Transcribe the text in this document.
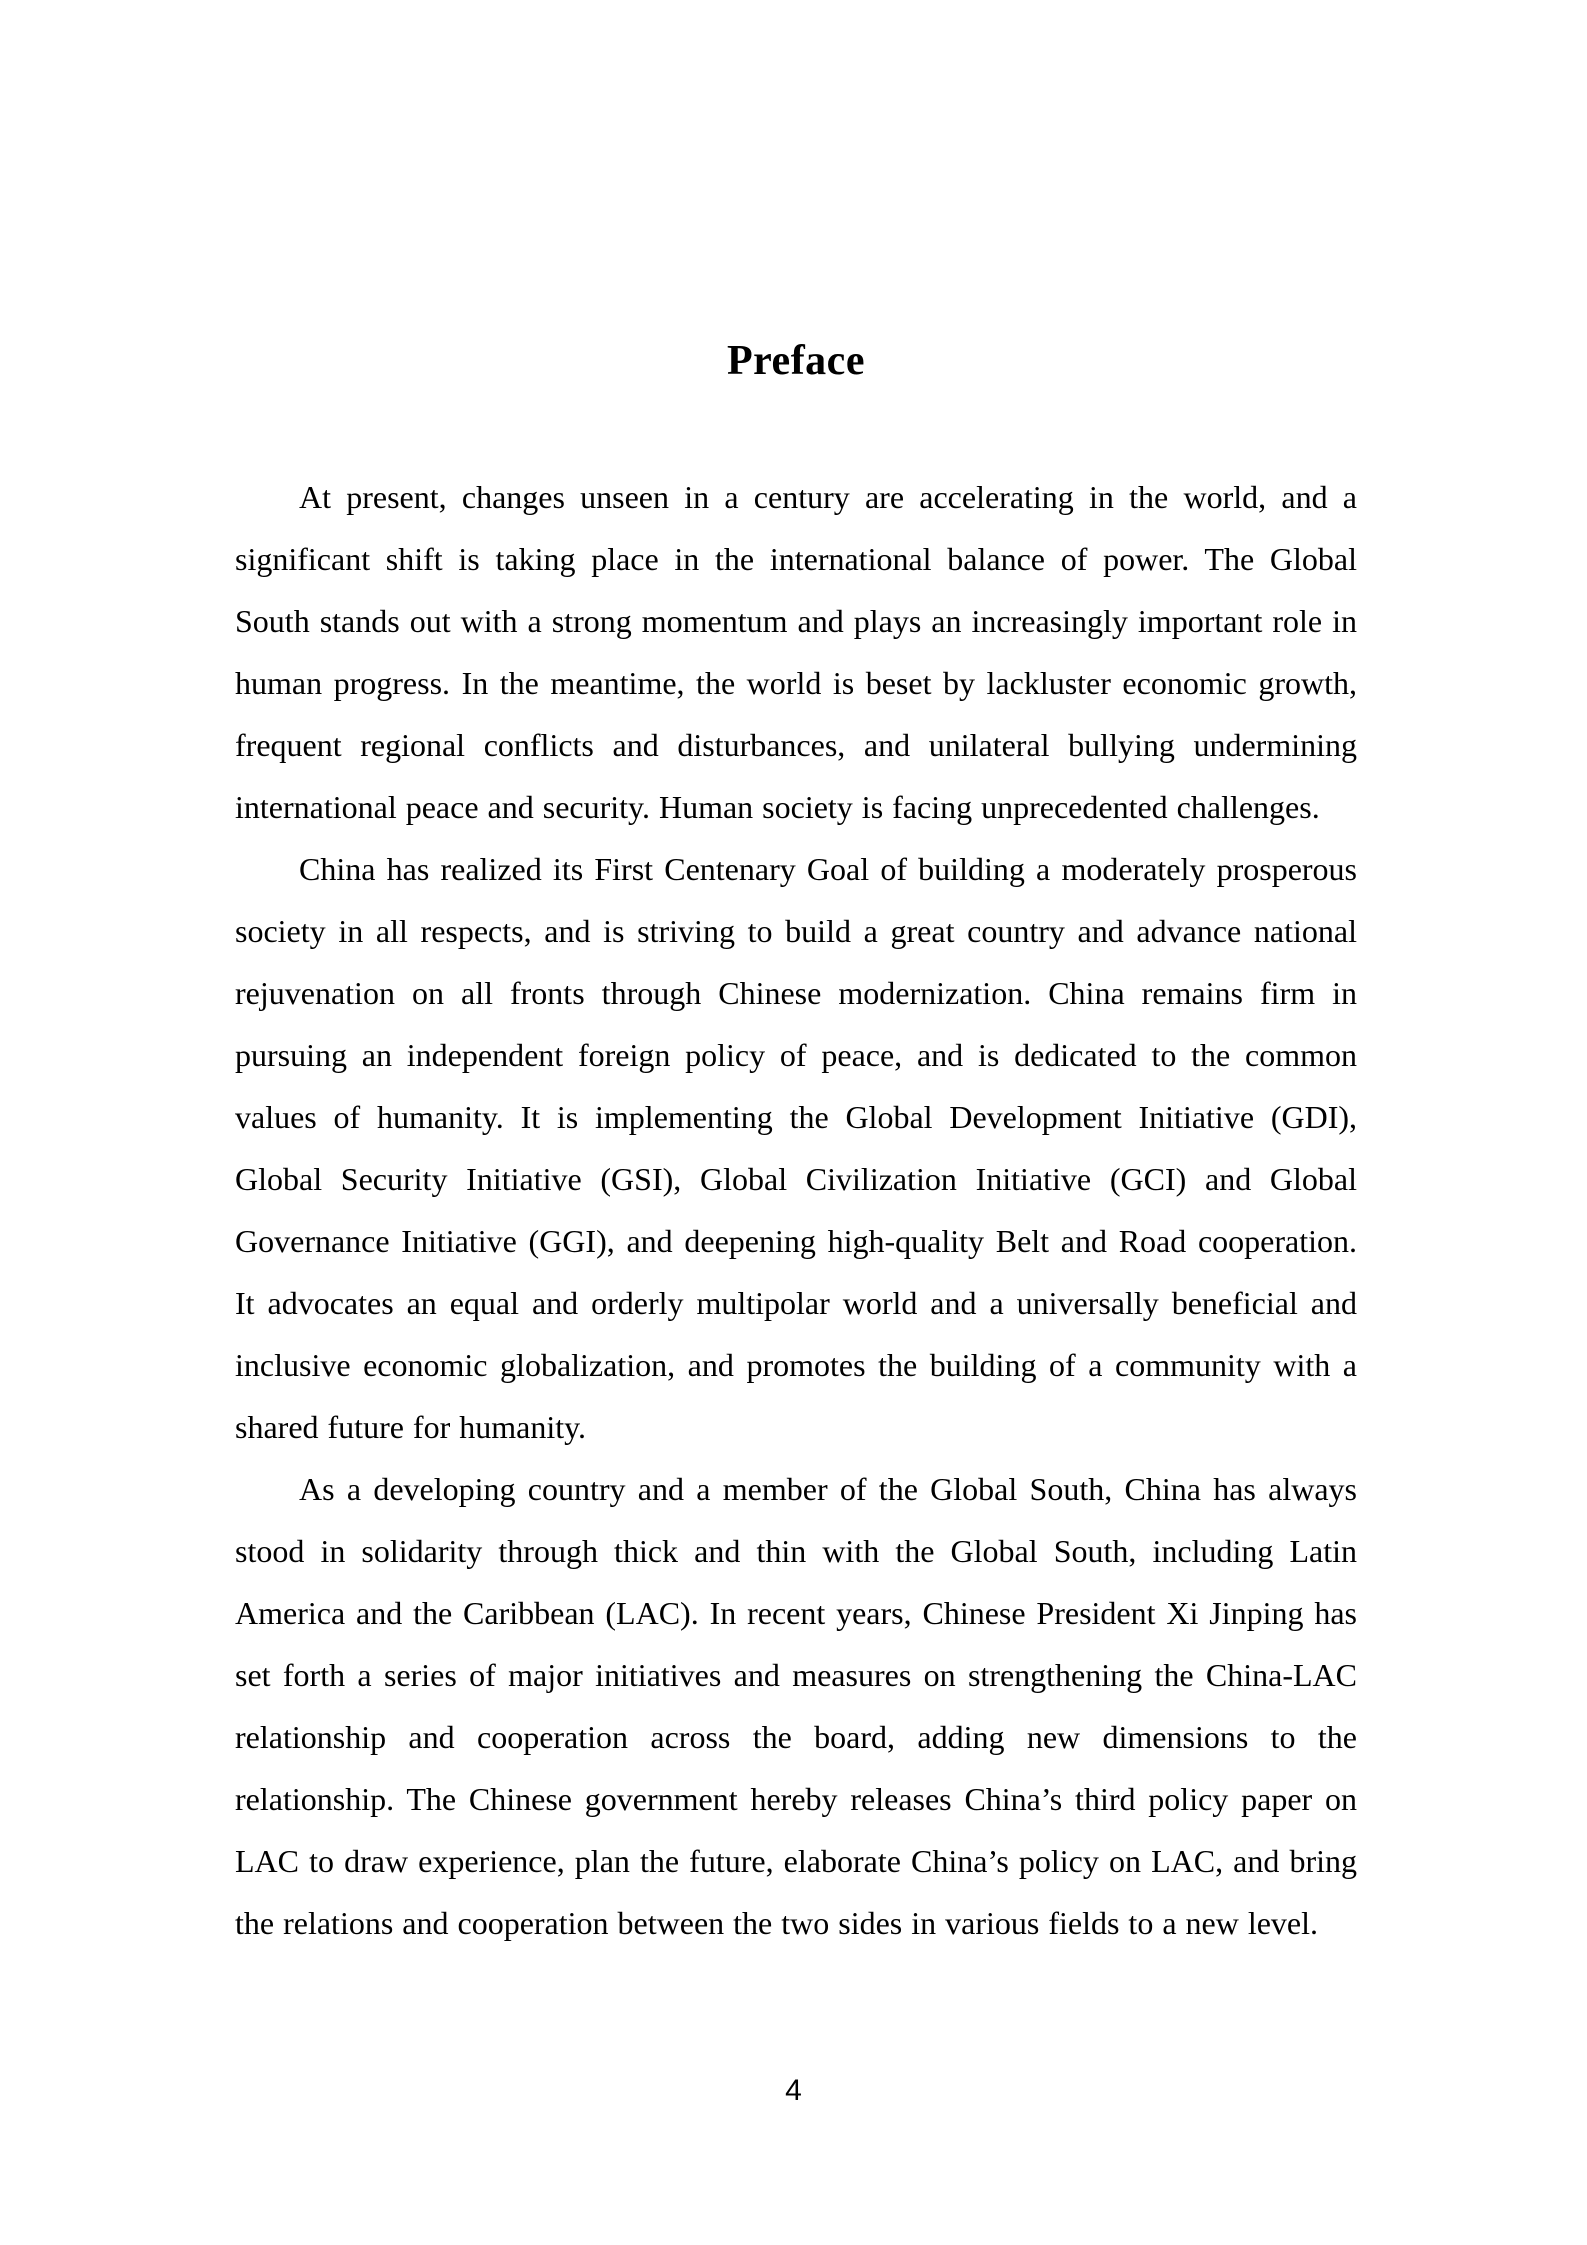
Preface

At present, changes unseen in a century are accelerating in the world, and a significant shift is taking place in the international balance of power. The Global South stands out with a strong momentum and plays an increasingly important role in human progress. In the meantime, the world is beset by lackluster economic growth, frequent regional conflicts and disturbances, and unilateral bullying undermining international peace and security. Human society is facing unprecedented challenges.

China has realized its First Centenary Goal of building a moderately prosperous society in all respects, and is striving to build a great country and advance national rejuvenation on all fronts through Chinese modernization. China remains firm in pursuing an independent foreign policy of peace, and is dedicated to the common values of humanity. It is implementing the Global Development Initiative (GDI), Global Security Initiative (GSI), Global Civilization Initiative (GCI) and Global Governance Initiative (GGI), and deepening high-quality Belt and Road cooperation. It advocates an equal and orderly multipolar world and a universally beneficial and inclusive economic globalization, and promotes the building of a community with a shared future for humanity.

As a developing country and a member of the Global South, China has always stood in solidarity through thick and thin with the Global South, including Latin America and the Caribbean (LAC). In recent years, Chinese President Xi Jinping has set forth a series of major initiatives and measures on strengthening the China-LAC relationship and cooperation across the board, adding new dimensions to the relationship. The Chinese government hereby releases China’s third policy paper on LAC to draw experience, plan the future, elaborate China’s policy on LAC, and bring the relations and cooperation between the two sides in various fields to a new level.

4
